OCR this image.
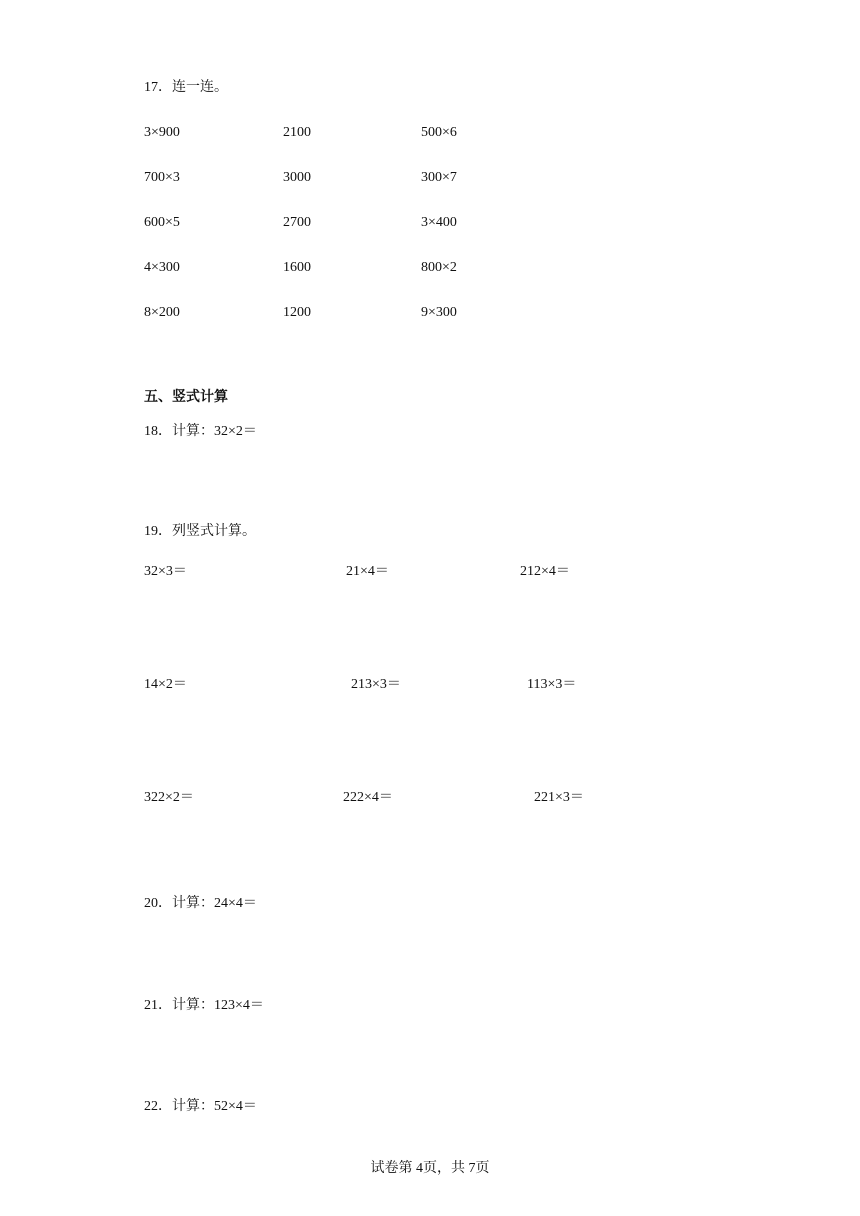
17．连一连。
3×900	2100	500×6
700×3	3000	300×7
600×5	2700	3×400
4×300	1600	800×2
8×200	1200	9×300
五、竖式计算
18．计算：32×2＝
19．列竖式计算。
32×3＝	21×4＝	212×4＝
14×2＝	213×3＝	113×3＝
322×2＝	222×4＝	221×3＝
20．计算：24×4＝
21．计算：123×4＝
22．计算：52×4＝
试卷第 4页，共 7页
